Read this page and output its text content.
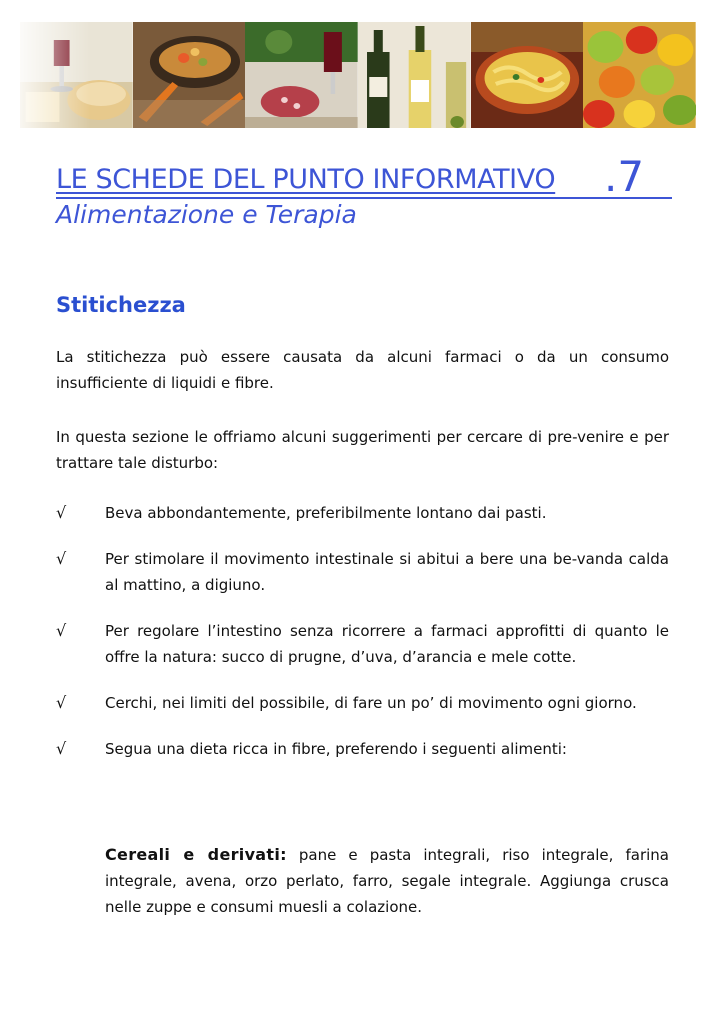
LE SCHEDE DEL PUNTO INFORMATIVO .7
Alimentazione e Terapia
Stitichezza

La stitichezza può essere causata da alcuni farmaci o da un consumo insufficiente di liquidi e fibre.

In questa sezione le offriamo alcuni suggerimenti per cercare di pre-venire e per trattare tale disturbo:

√	Beva abbondantemente, preferibilmente lontano dai pasti.

√	Per stimolare il movimento intestinale si abitui a bere una be-vanda calda al mattino, a digiuno.

√	Per regolare l’intestino senza ricorrere a farmaci approfitti di quanto le offre la natura: succo di prugne, d’uva, d’arancia e mele cotte.

√	Cerchi, nei limiti del possibile, di fare un po’ di movimento ogni giorno.

√	Segua una dieta ricca in fibre, preferendo i seguenti alimenti:

Cereali e derivati: pane e pasta integrali, riso integrale, farina integrale, avena, orzo perlato, farro, segale integrale. Aggiunga crusca nelle zuppe e consumi muesli a colazione.
